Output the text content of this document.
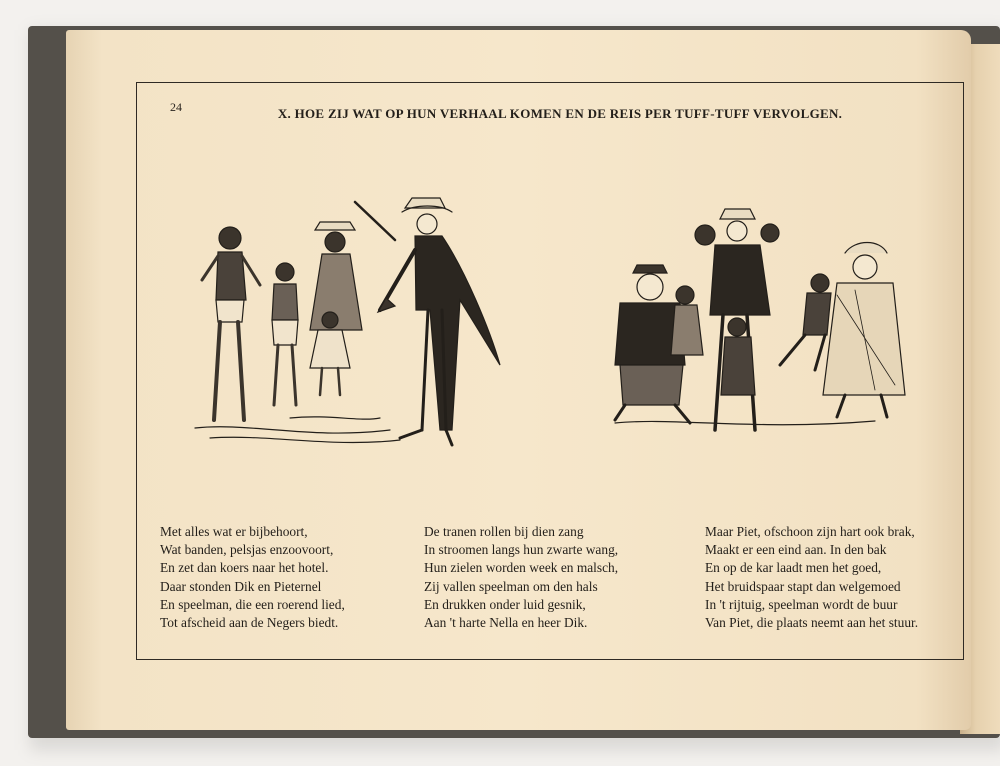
24	X. HOE ZIJ WAT OP HUN VERHAAL KOMEN EN DE REIS PER TUFF-TUFF VERVOLGEN.
Met alles wat er bijbehoort,
Wat banden, pelsjas enzoovoort,
En zet dan koers naar het hotel.
Daar stonden Dik en Pieternel
En speelman, die een roerend lied,
Tot afscheid aan de Negers biedt.
De tranen rollen bij dien zang
In stroomen langs hun zwarte wang,
Hun zielen worden week en malsch,
Zij vallen speelman om den hals
En drukken onder luid gesnik,
Aan 't harte Nella en heer Dik.
Maar Piet, ofschoon zijn hart ook brak,
Maakt er een eind aan. In den bak
En op de kar laadt men het goed,
Het bruidspaar stapt dan welgemoed
In 't rijtuig, speelman wordt de buur
Van Piet, die plaats neemt aan het stuur.
